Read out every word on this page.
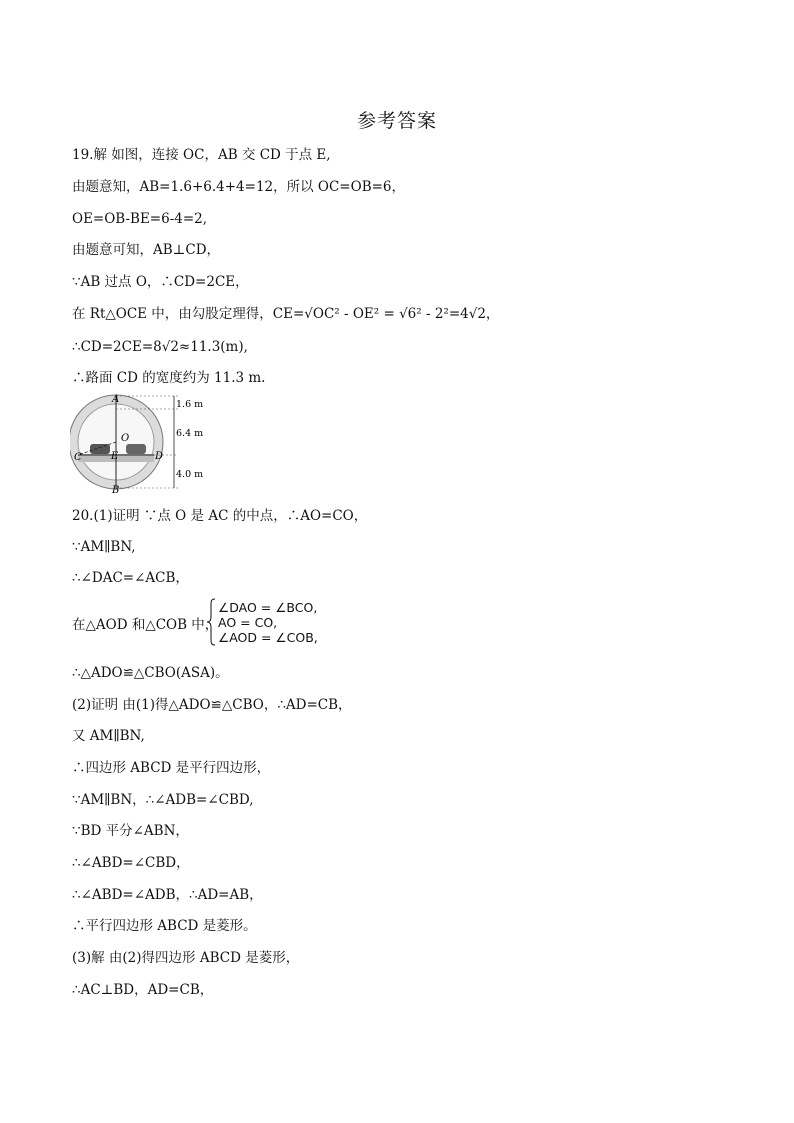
参考答案
19.解 如图，连接 OC，AB 交 CD 于点 E,
由题意知，AB=1.6+6.4+4=12，所以 OC=OB=6，
OE=OB-BE=6-4=2,
由题意可知，AB⊥CD，
∵AB 过点 O，∴CD=2CE，
在 Rt△OCE 中，由勾股定理得，CE=√OC² - OE² = √6² - 2²=4√2，
∴CD=2CE=8√2≈11.3(m),
∴路面 CD 的宽度约为 11.3 m.
A
O
C	E	D
B
1.6 m
6.4 m
4.0 m
20.(1)证明 ∵点 O 是 AC 的中点，∴AO=CO，
∵AM∥BN,
∴∠DAC=∠ACB，
在△AOD 和△COB 中，
∠DAO = ∠BCO,
AO = CO,
∠AOD = ∠COB,
∴△ADO≌△CBO(ASA)。
(2)证明 由(1)得△ADO≌△CBO，∴AD=CB，
又 AM∥BN,
∴四边形 ABCD 是平行四边形，
∵AM∥BN，∴∠ADB=∠CBD,
∵BD 平分∠ABN，
∴∠ABD=∠CBD，
∴∠ABD=∠ADB，∴AD=AB，
∴平行四边形 ABCD 是菱形。
(3)解 由(2)得四边形 ABCD 是菱形，
∴AC⊥BD，AD=CB，
